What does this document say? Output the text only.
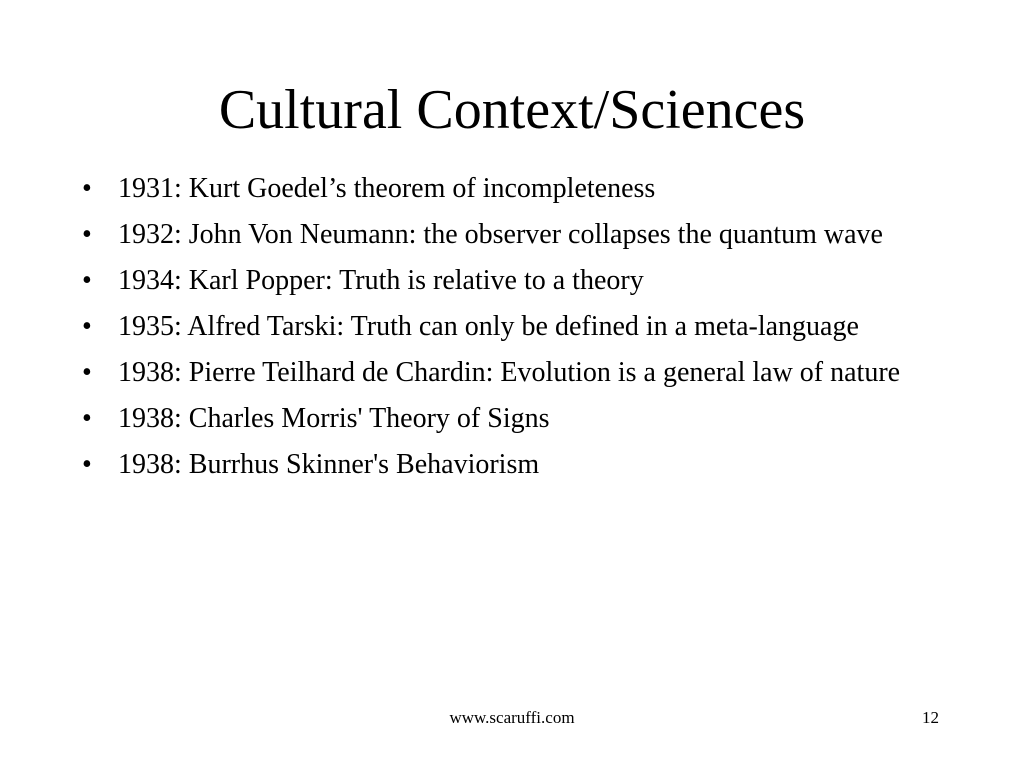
Cultural Context/Sciences
• 1931: Kurt Goedel’s theorem of incompleteness
• 1932: John Von Neumann: the observer collapses the quantum wave
• 1934: Karl Popper: Truth is relative to a theory
• 1935: Alfred Tarski: Truth can only be defined in a meta-language
• 1938: Pierre Teilhard de Chardin: Evolution is a general law of nature
• 1938: Charles Morris' Theory of Signs
• 1938: Burrhus Skinner's Behaviorism
www.scaruffi.com	12
